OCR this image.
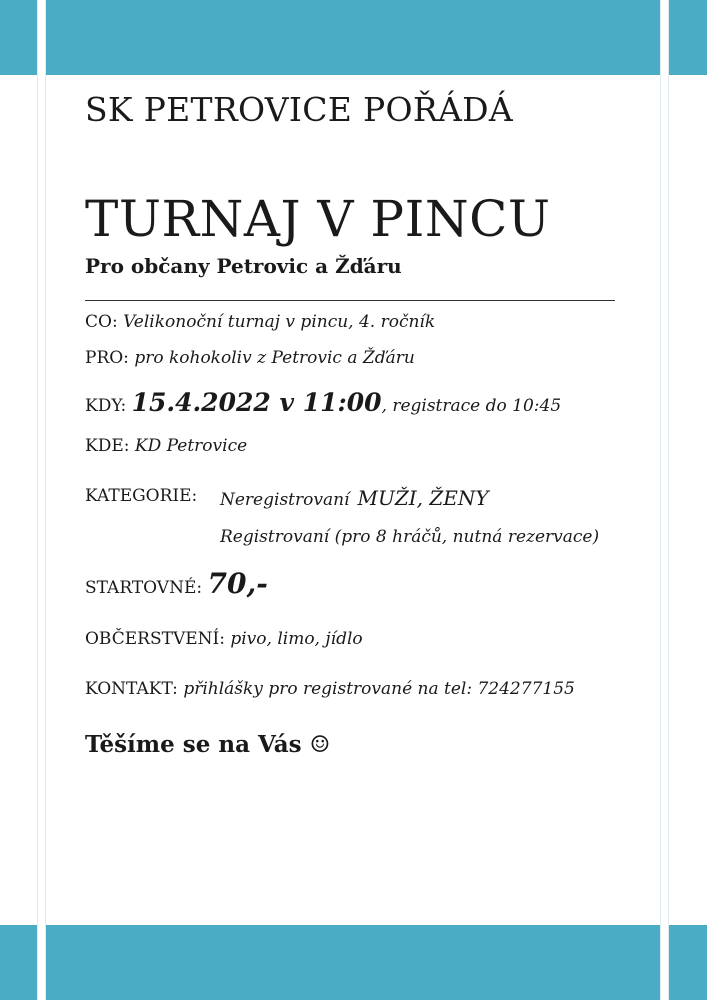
SK PETROVICE POŘÁDÁ
TURNAJ V PINCU
Pro občany Petrovic a Žďáru
CO: Velikonoční turnaj v pincu, 4. ročník
PRO: pro kohokoliv z Petrovic a Žďáru
KDY: 15.4.2022 v 11:00, registrace do 10:45
KDE: KD Petrovice
KATEGORIE: Neregistrovaní MUŽI, ŽENY
Registrovaní (pro 8 hráčů, nutná rezervace)
STARTOVNÉ: 70,-
OBČERSTVENÍ: pivo, limo, jídlo
KONTAKT: přihlášky pro registrované na tel: 724277155
Těšíme se na Vás ☺
